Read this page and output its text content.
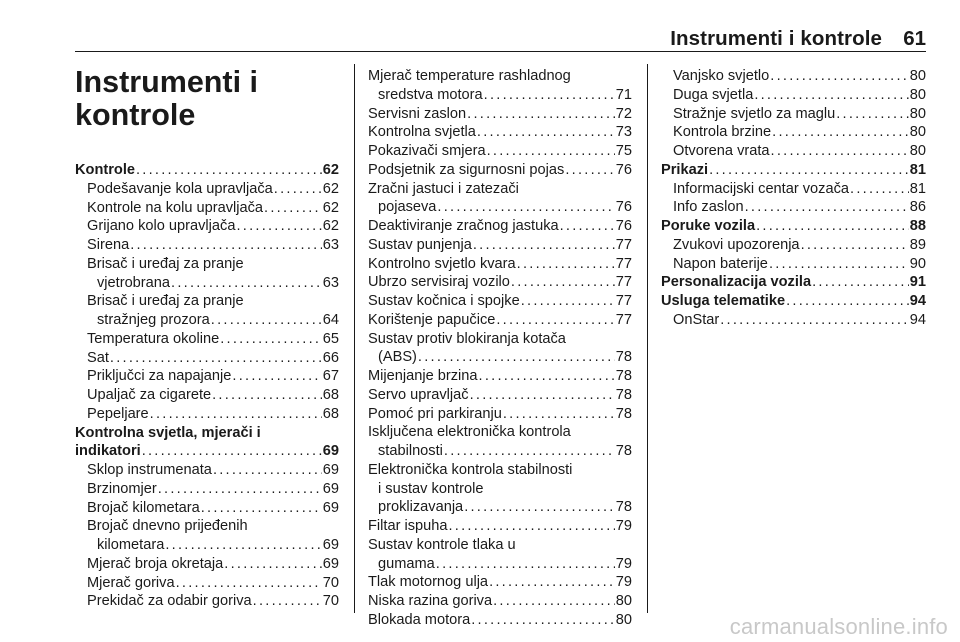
Instrumenti i kontrole 61
Instrumenti i
kontrole
Kontrole . . .	62
Podešavanje kola upravljača . . .	62
Kontrole na kolu upravljača . . .	62
Grijano kolo upravljača . . .	62
Sirena . . .	63
Brisač i uređaj za pranje
vjetrobrana . . .	63
Brisač i uređaj za pranje
stražnjeg prozora . . .	64
Temperatura okoline . . .	65
Sat . . .	66
Priključci za napajanje . . .	67
Upaljač za cigarete . . .	68
Pepeljare . . .	68
Kontrolna svjetla, mjerači i
indikatori . . .	69
Sklop instrumenata . . .	69
Brzinomjer . . .	69
Brojač kilometara . . .	69
Brojač dnevno prijeđenih
kilometara . . .	69
Mjerač broja okretaja . . .	69
Mjerač goriva . . .	70
Prekidač za odabir goriva . . .	70
Mjerač temperature rashladnog
sredstva motora . . .	71
Servisni zaslon . . .	72
Kontrolna svjetla . . .	73
Pokazivači smjera . . .	75
Podsjetnik za sigurnosni pojas . . .	76
Zračni jastuci i zatezači
pojaseva . . .	76
Deaktiviranje zračnog jastuka . . .	76
Sustav punjenja . . .	77
Kontrolno svjetlo kvara . . .	77
Ubrzo servisiraj vozilo . . .	77
Sustav kočnica i spojke . . .	77
Korištenje papučice . . .	77
Sustav protiv blokiranja kotača
(ABS) . . .	78
Mijenjanje brzina . . .	78
Servo upravljač . . .	78
Pomoć pri parkiranju . . .	78
Isključena elektronička kontrola
stabilnosti . . .	78
Elektronička kontrola stabilnosti
i sustav kontrole
proklizavanja . . .	78
Filtar ispuha . . .	79
Sustav kontrole tlaka u
gumama . . .	79
Tlak motornog ulja . . .	79
Niska razina goriva . . .	80
Blokada motora . . .	80
Vanjsko svjetlo . . .	80
Duga svjetla . . .	80
Stražnje svjetlo za maglu . . .	80
Kontrola brzine . . .	80
Otvorena vrata . . .	80
Prikazi . . .	81
Informacijski centar vozača . . .	81
Info zaslon . . .	86
Poruke vozila . . .	88
Zvukovi upozorenja . . .	89
Napon baterije . . .	90
Personalizacija vozila . . .	91
Usluga telematike . . .	94
OnStar . . .	94
carmanualsonline.info
